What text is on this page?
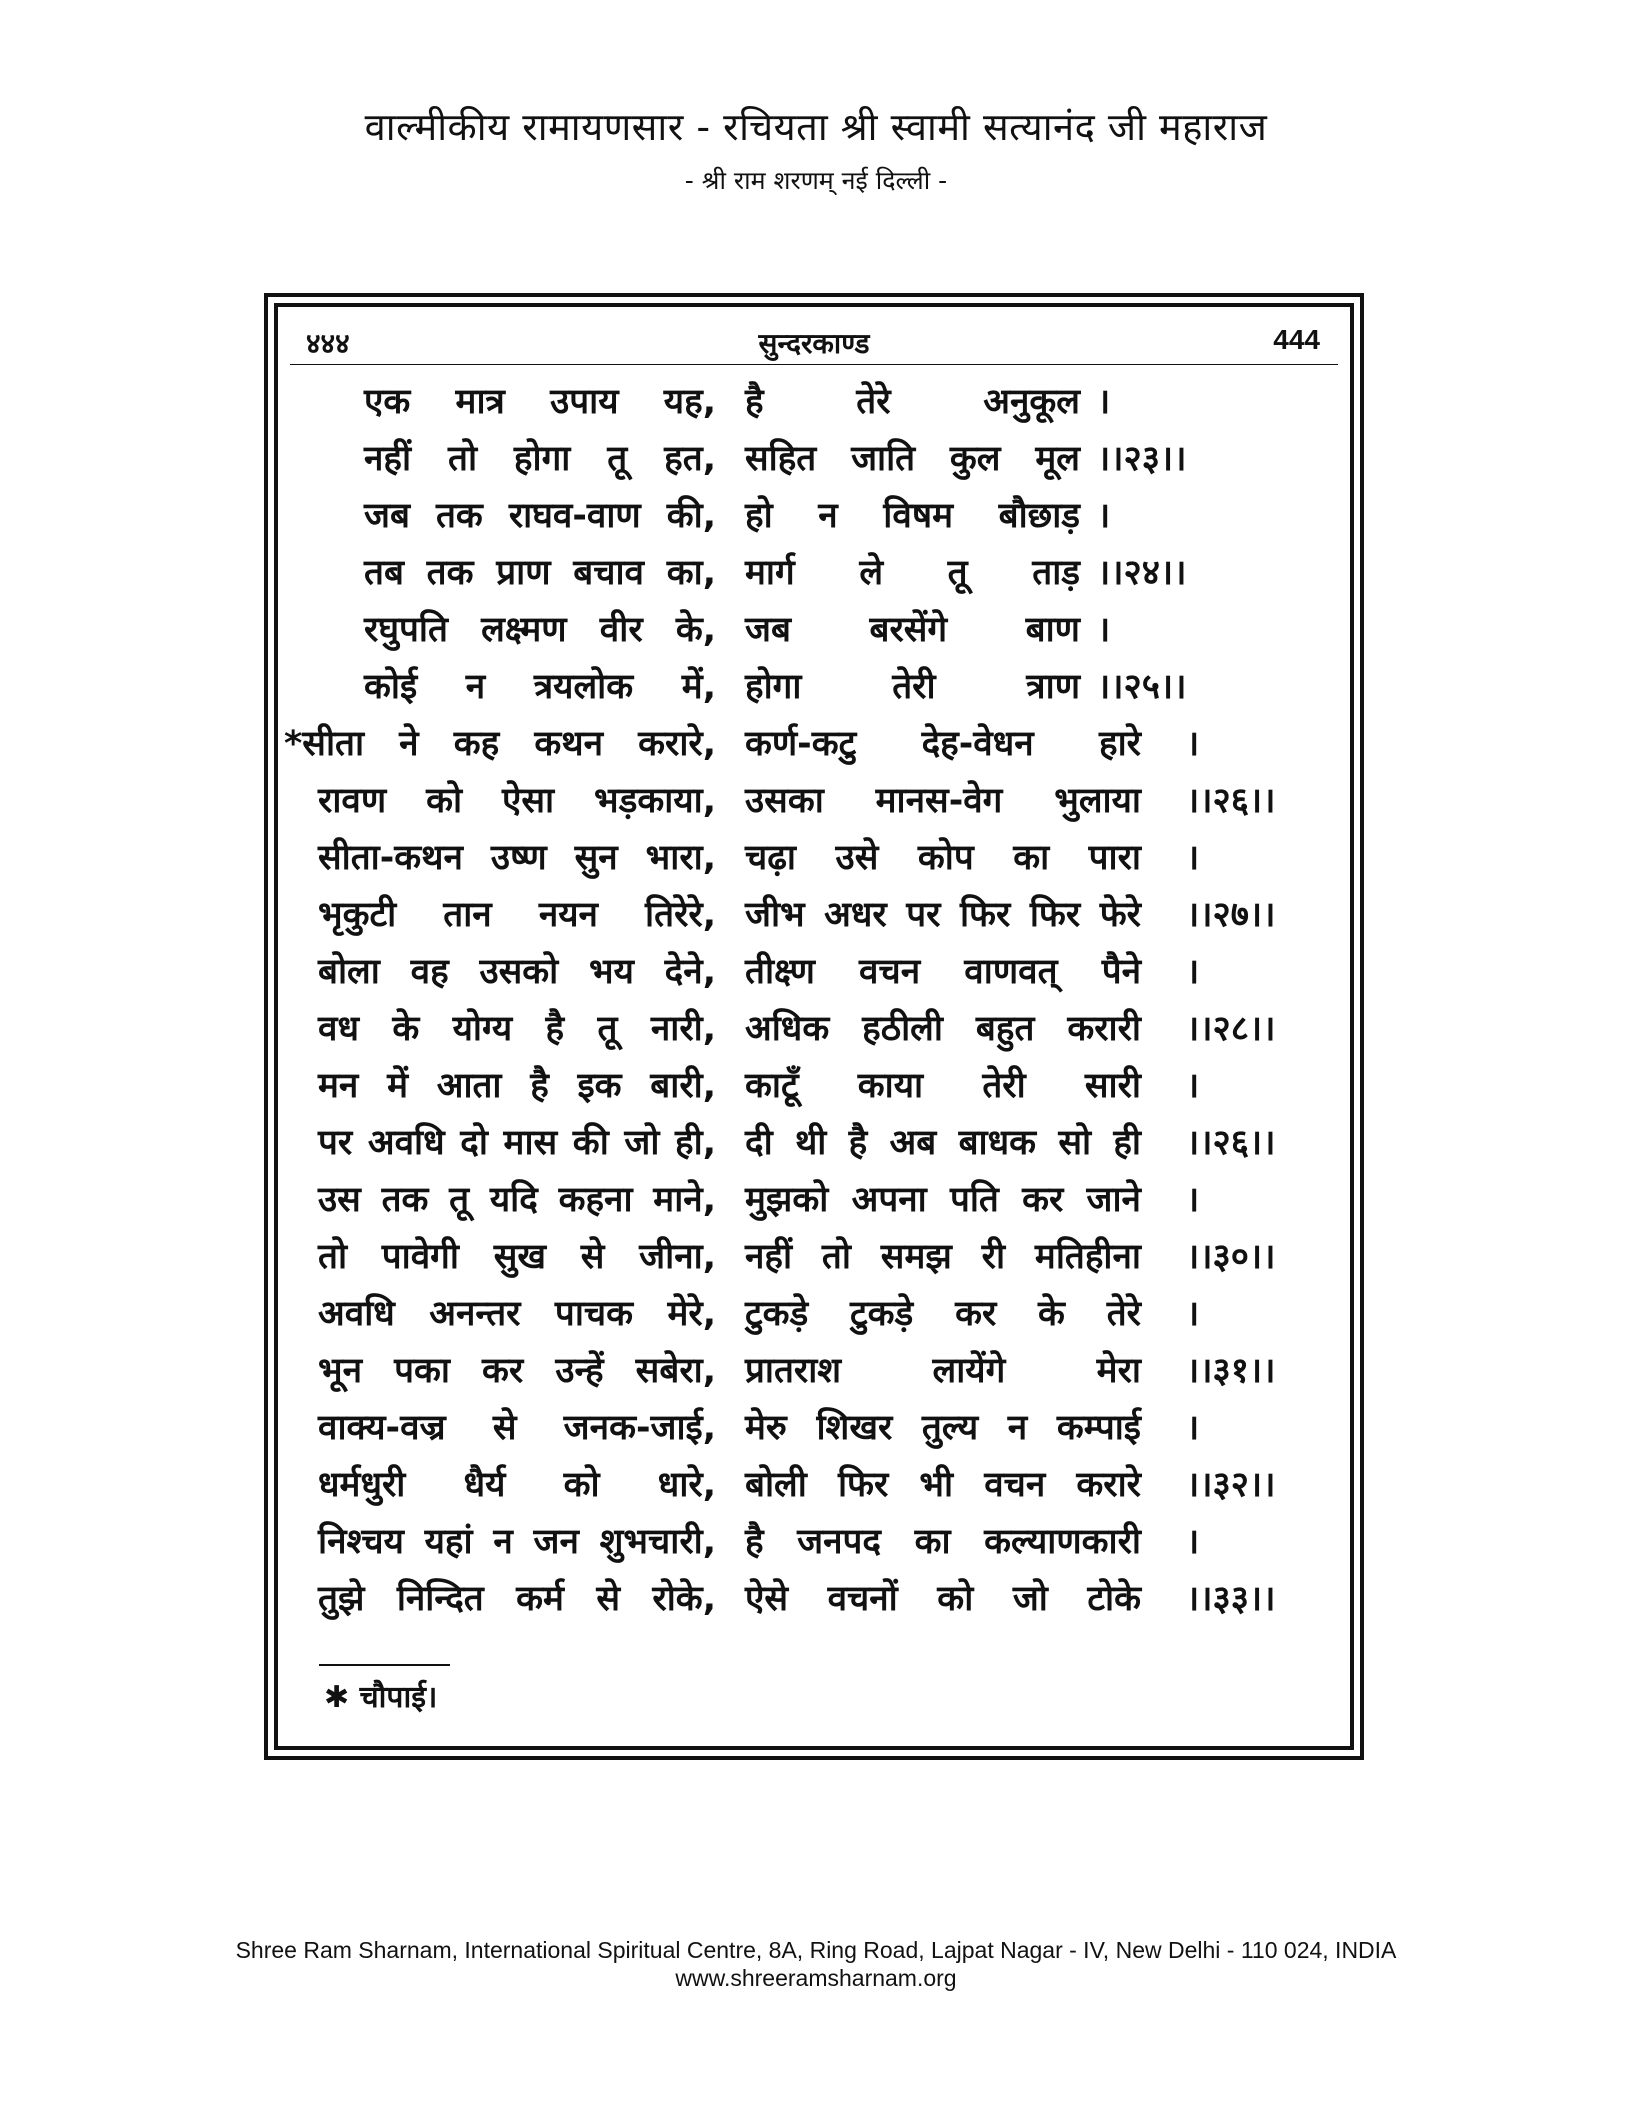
वाल्मीकीय रामायणसार - रचियता श्री स्वामी सत्यानंद जी महाराज
- श्री राम शरणम् नई दिल्ली -
४४४	सुन्दरकाण्ड	444
एक मात्र उपाय यह, है तेरे अनुकूल ।
नहीं तो होगा तू हत, सहित जाति कुल मूल ।।२३।।
जब तक राघव-वाण की, हो न विषम बौछाड़ ।
तब तक प्राण बचाव का, मार्ग ले तू ताड़ ।।२४।।
रघुपति लक्ष्मण वीर के, जब बरसेंगे बाण ।
कोई न त्रयलोक में, होगा तेरी त्राण ।।२५।।
*सीता ने कह कथन करारे, कर्ण-कटु देह-वेधन हारे ।
रावण को ऐसा भड़काया, उसका मानस-वेग भुलाया ।।२६।।
सीता-कथन उष्ण सुन भारा, चढ़ा उसे कोप का पारा ।
भृकुटी तान नयन तिरेरे, जीभ अधर पर फिर फिर फेरे ।।२७।।
बोला वह उसको भय देने, तीक्ष्ण वचन वाणवत् पैने ।
वध के योग्य है तू नारी, अधिक हठीली बहुत करारी ।।२८।।
मन में आता है इक बारी, काटूँ काया तेरी सारी ।
पर अवधि दो मास की जो ही, दी थी है अब बाधक सो ही ।।२६।।
उस तक तू यदि कहना माने, मुझको अपना पति कर जाने ।
तो पावेगी सुख से जीना, नहीं तो समझ री मतिहीना ।।३०।।
अवधि अनन्तर पाचक मेरे, टुकड़े टुकड़े कर के तेरे ।
भून पका कर उन्हें सबेरा, प्रातराश लायेंगे मेरा ।।३१।।
वाक्य-वज्र से जनक-जाई, मेरु शिखर तुल्य न कम्पाई ।
धर्मधुरी धैर्य को धारे, बोली फिर भी वचन करारे ।।३२।।
निश्चय यहां न जन शुभचारी, है जनपद का कल्याणकारी ।
तुझे निन्दित कर्म से रोके, ऐसे वचनों को जो टोके ।।३३।।
✱ चौपाई।
Shree Ram Sharnam, International Spiritual Centre, 8A, Ring Road, Lajpat Nagar - IV, New Delhi - 110 024, INDIA
www.shreeramsharnam.org
